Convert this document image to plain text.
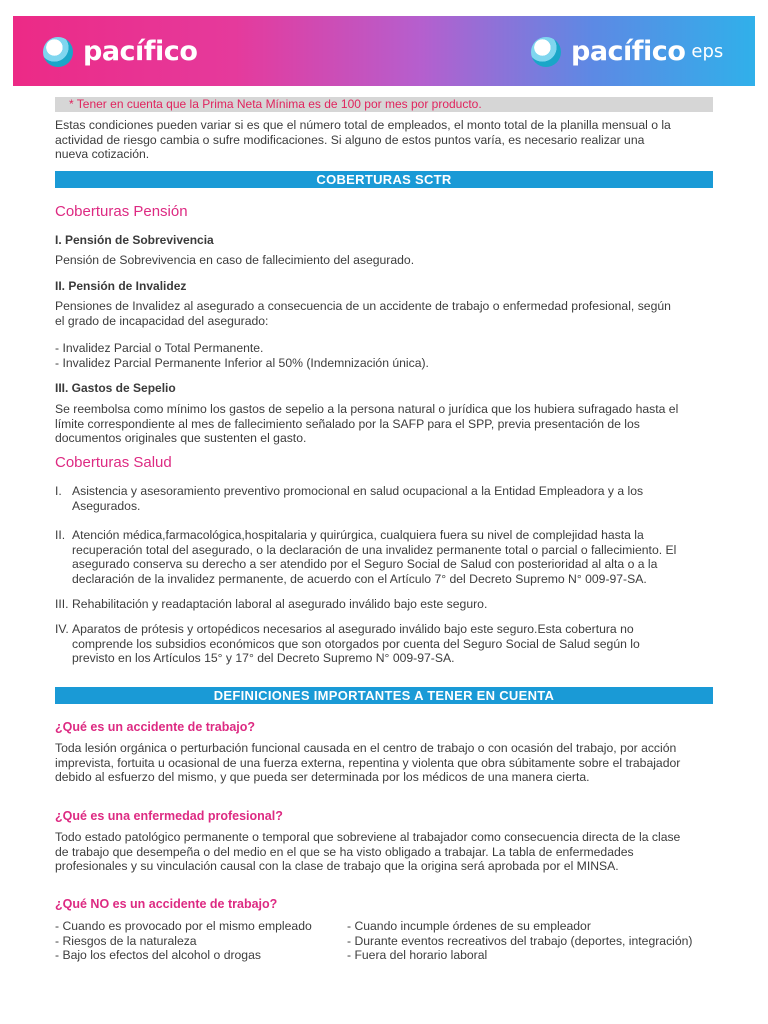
pacífico	pacífico eps
* Tener en cuenta que la Prima Neta Mínima es de 100 por mes por producto.
Estas condiciones pueden variar si es que el número total de empleados, el monto total de la planilla mensual o la
actividad de riesgo cambia o sufre modificaciones. Si alguno de estos puntos varía, es necesario realizar una
nueva cotización.
COBERTURAS SCTR
Coberturas Pensión
I. Pensión de Sobrevivencia
Pensión de Sobrevivencia en caso de fallecimiento del asegurado.
II. Pensión de Invalidez
Pensiones de Invalidez al asegurado a consecuencia de un accidente de trabajo o enfermedad profesional, según
el grado de incapacidad del asegurado:
- Invalidez Parcial o Total Permanente.
- Invalidez Parcial Permanente Inferior al 50% (Indemnización única).
III. Gastos de Sepelio
Se reembolsa como mínimo los gastos de sepelio a la persona natural o jurídica que los hubiera sufragado hasta el
límite correspondiente al mes de fallecimiento señalado por la SAFP para el SPP, previa presentación de los
documentos originales que sustenten el gasto.
Coberturas Salud
I. Asistencia y asesoramiento preventivo promocional en salud ocupacional a la Entidad Empleadora y a los
Asegurados.
II. Atención médica,farmacológica,hospitalaria y quirúrgica, cualquiera fuera su nivel de complejidad hasta la
recuperación total del asegurado, o la declaración de una invalidez permanente total o parcial o fallecimiento. El
asegurado conserva su derecho a ser atendido por el Seguro Social de Salud con posterioridad al alta o a la
declaración de la invalidez permanente, de acuerdo con el Artículo 7° del Decreto Supremo N° 009-97-SA.
III. Rehabilitación y readaptación laboral al asegurado inválido bajo este seguro.
IV. Aparatos de prótesis y ortopédicos necesarios al asegurado inválido bajo este seguro.Esta cobertura no
comprende los subsidios económicos que son otorgados por cuenta del Seguro Social de Salud según lo
previsto en los Artículos 15° y 17° del Decreto Supremo N° 009-97-SA.
DEFINICIONES IMPORTANTES A TENER EN CUENTA
¿Qué es un accidente de trabajo?
Toda lesión orgánica o perturbación funcional causada en el centro de trabajo o con ocasión del trabajo, por acción
imprevista, fortuita u ocasional de una fuerza externa, repentina y violenta que obra súbitamente sobre el trabajador
debido al esfuerzo del mismo, y que pueda ser determinada por los médicos de una manera cierta.
¿Qué es una enfermedad profesional?
Todo estado patológico permanente o temporal que sobreviene al trabajador como consecuencia directa de la clase
de trabajo que desempeña o del medio en el que se ha visto obligado a trabajar. La tabla de enfermedades
profesionales y su vinculación causal con la clase de trabajo que la origina será aprobada por el MINSA.
¿Qué NO es un accidente de trabajo?
- Cuando es provocado por el mismo empleado
- Riesgos de la naturaleza
- Bajo los efectos del alcohol o drogas
- Cuando incumple órdenes de su empleador
- Durante eventos recreativos del trabajo (deportes, integración)
- Fuera del horario laboral
